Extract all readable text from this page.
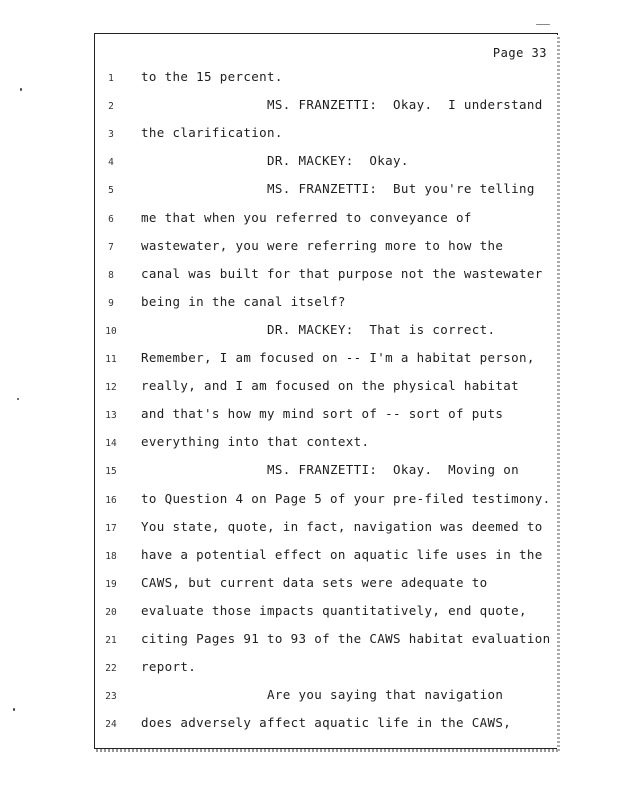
Page 33
1	to the 15 percent.
2	MS. FRANZETTI:  Okay.  I understand
3	the clarification.
4	DR. MACKEY:  Okay.
5	MS. FRANZETTI:  But you're telling
6	me that when you referred to conveyance of
7	wastewater, you were referring more to how the
8	canal was built for that purpose not the wastewater
9	being in the canal itself?
10	DR. MACKEY:  That is correct.
11	Remember, I am focused on -- I'm a habitat person,
12	really, and I am focused on the physical habitat
13	and that's how my mind sort of -- sort of puts
14	everything into that context.
15	MS. FRANZETTI:  Okay.  Moving on
16	to Question 4 on Page 5 of your pre-filed testimony.
17	You state, quote, in fact, navigation was deemed to
18	have a potential effect on aquatic life uses in the
19	CAWS, but current data sets were adequate to
20	evaluate those impacts quantitatively, end quote,
21	citing Pages 91 to 93 of the CAWS habitat evaluation
22	report.
23	Are you saying that navigation
24	does adversely affect aquatic life in the CAWS,
